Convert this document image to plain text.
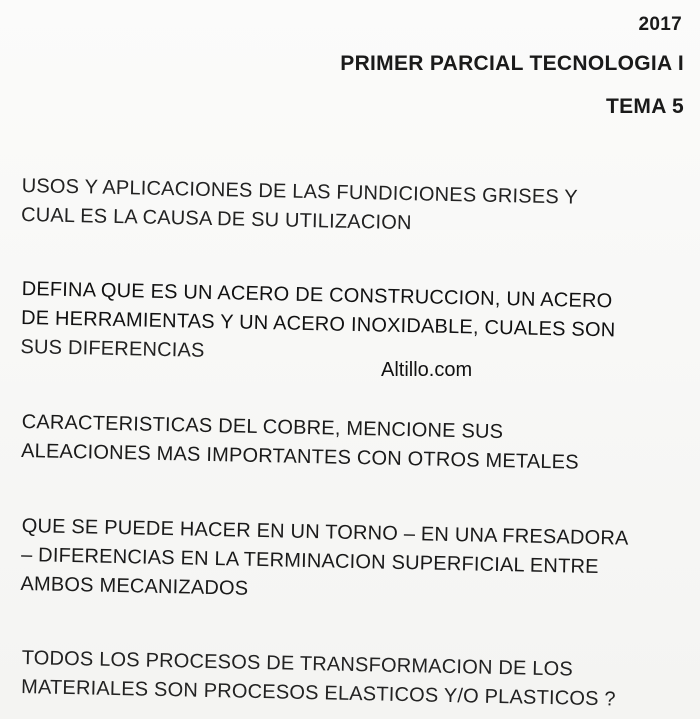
2017
PRIMER PARCIAL TECNOLOGIA I
TEMA 5
USOS Y APLICACIONES DE LAS FUNDICIONES GRISES Y
CUAL ES LA CAUSA DE SU UTILIZACION
DEFINA QUE ES UN ACERO DE CONSTRUCCION, UN ACERO
DE HERRAMIENTAS Y UN ACERO INOXIDABLE, CUALES SON
SUS DIFERENCIAS
Altillo.com
CARACTERISTICAS DEL COBRE, MENCIONE SUS
ALEACIONES MAS IMPORTANTES CON OTROS METALES
QUE SE PUEDE HACER EN UN TORNO – EN UNA FRESADORA
– DIFERENCIAS EN LA TERMINACION SUPERFICIAL ENTRE
AMBOS MECANIZADOS
TODOS LOS PROCESOS DE TRANSFORMACION DE LOS
MATERIALES SON PROCESOS ELASTICOS Y/O PLASTICOS ?
